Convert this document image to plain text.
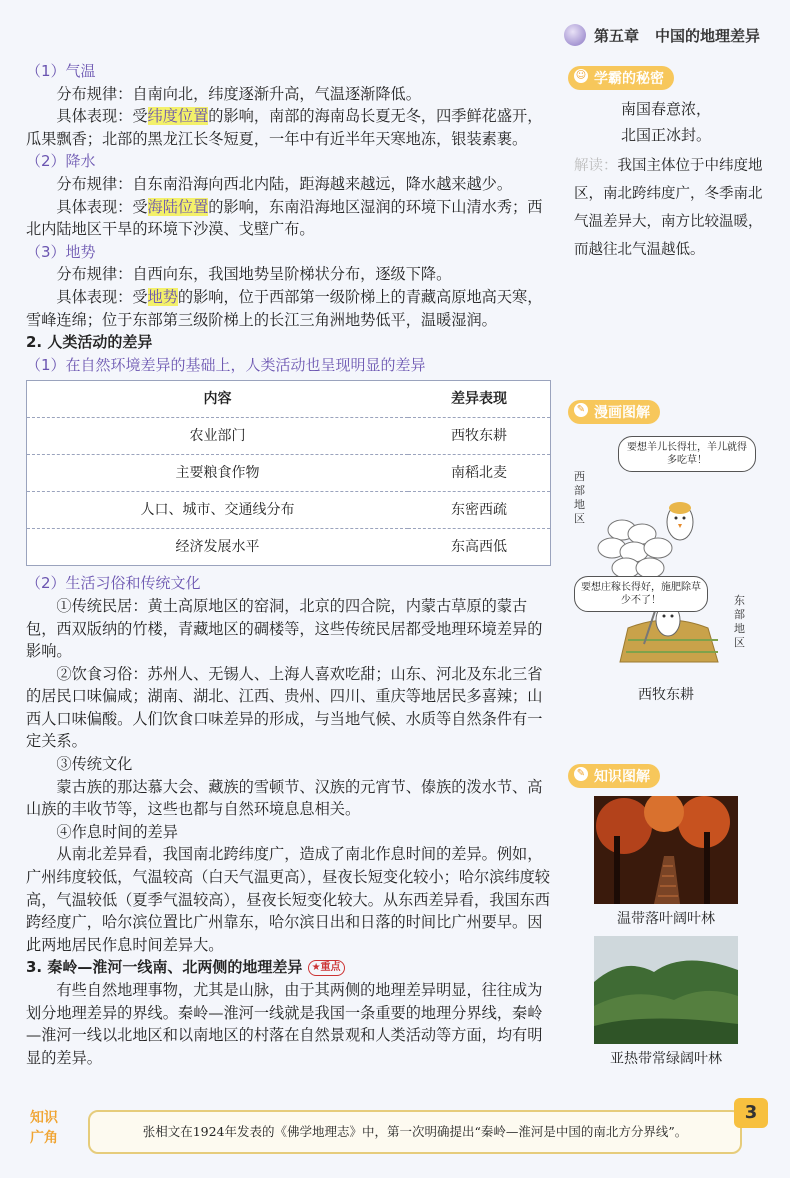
第五章 中国的地理差异

（1）气温

分布规律：自南向北，纬度逐渐升高，气温逐渐降低。

具体表现：受纬度位置的影响，南部的海南岛长夏无冬，四季鲜花盛开，瓜果飘香；北部的黑龙江长冬短夏，一年中有近半年天寒地冻，银装素裹。

（2）降水

分布规律：自东南沿海向西北内陆，距海越来越远，降水越来越少。

具体表现：受海陆位置的影响，东南沿海地区湿润的环境下山清水秀；西北内陆地区干旱的环境下沙漠、戈壁广布。

（3）地势

分布规律：自西向东，我国地势呈阶梯状分布，逐级下降。

具体表现：受地势的影响，位于西部第一级阶梯上的青藏高原地高天寒，雪峰连绵；位于东部第三级阶梯上的长江三角洲地势低平，温暖湿润。

2. 人类活动的差异

（1）在自然环境差异的基础上，人类活动也呈现明显的差异

内容	差异表现
农业部门	西牧东耕
主要粮食作物	南稻北麦
人口、城市、交通线分布	东密西疏
经济发展水平	东高西低

（2）生活习俗和传统文化

①传统民居：黄土高原地区的窑洞，北京的四合院，内蒙古草原的蒙古包，西双版纳的竹楼，青藏地区的碉楼等，这些传统民居都受地理环境差异的影响。

②饮食习俗：苏州人、无锡人、上海人喜欢吃甜；山东、河北及东北三省的居民口味偏咸；湖南、湖北、江西、贵州、四川、重庆等地居民多喜辣；山西人口味偏酸。人们饮食口味差异的形成，与当地气候、水质等自然条件有一定关系。

③传统文化

蒙古族的那达慕大会、藏族的雪顿节、汉族的元宵节、傣族的泼水节、高山族的丰收节等，这些也都与自然环境息息相关。

④作息时间的差异

从南北差异看，我国南北跨纬度广，造成了南北作息时间的差异。例如，广州纬度较低，气温较高（白天气温更高），昼夜长短变化较小；哈尔滨纬度较高，气温较低（夏季气温较高），昼夜长短变化较大。从东西差异看，我国东西跨经度广，哈尔滨位置比广州靠东，哈尔滨日出和日落的时间比广州要早。因此两地居民作息时间差异大。

3. 秦岭—淮河一线南、北两侧的地理差异 ★重点

有些自然地理事物，尤其是山脉，由于其两侧的地理差异明显，往往成为划分地理差异的界线。秦岭—淮河一线就是我国一条重要的地理分界线，秦岭—淮河一线以北地区和以南地区的村落在自然景观和人类活动等方面，均有明显的差异。

☺ 学霸的秘密
南国春意浓，
北国正冰封。
解读：我国主体位于中纬度地区，南北跨纬度广，冬季南北气温差异大，南方比较温暖，而越往北气温越低。
✎ 漫画图解
要想羊儿长得壮，羊儿就得多吃草！
西部地区
要想庄稼长得好，施肥除草少不了！	东部地区
西牧东耕
✎ 知识图解
温带落叶阔叶林
亚热带常绿阔叶林
知识广角	张相文在1924年发表的《佛学地理志》中，第一次明确提出“秦岭—淮河是中国的南北方分界线”。
3
